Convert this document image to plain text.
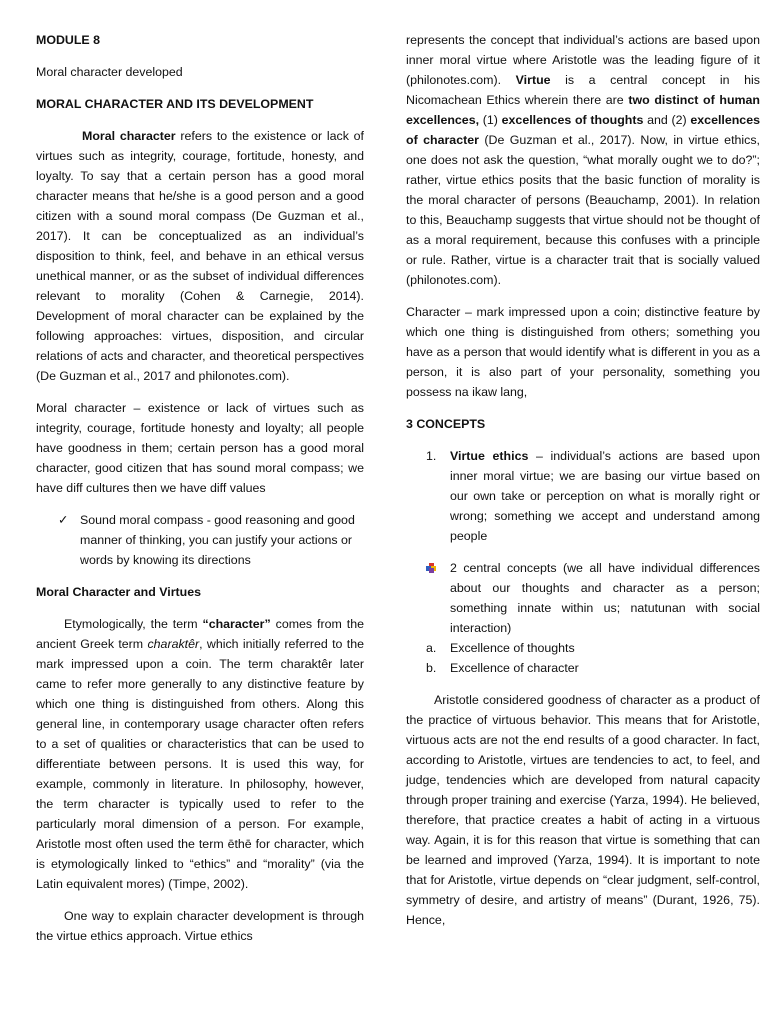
MODULE 8

Moral character developed

MORAL CHARACTER AND ITS DEVELOPMENT

Moral character refers to the existence or lack of virtues such as integrity, courage, fortitude, honesty, and loyalty. To say that a certain person has a good moral character means that he/she is a good person and a good citizen with a sound moral compass (De Guzman et al., 2017). It can be conceptualized as an individual’s disposition to think, feel, and behave in an ethical versus unethical manner, or as the subset of individual differences relevant to morality (Cohen & Carnegie, 2014). Development of moral character can be explained by the following approaches: virtues, disposition, and circular relations of acts and character, and theoretical perspectives (De Guzman et al., 2017 and philonotes.com).

Moral character – existence or lack of virtues such as integrity, courage, fortitude honesty and loyalty; all people have goodness in them; certain person has a good moral character, good citizen that has sound moral compass; we have diff cultures then we have diff values

✓ Sound moral compass - good reasoning and good manner of thinking, you can justify your actions or words by knowing its directions
Moral Character and Virtues

Etymologically, the term “character” comes from the ancient Greek term charaktêr, which initially referred to the mark impressed upon a coin. The term charaktêr later came to refer more generally to any distinctive feature by which one thing is distinguished from others. Along this general line, in contemporary usage character often refers to a set of qualities or characteristics that can be used to differentiate between persons. It is used this way, for example, commonly in literature. In philosophy, however, the term character is typically used to refer to the particularly moral dimension of a person. For example, Aristotle most often used the term ēthē for character, which is etymologically linked to “ethics” and “morality” (via the Latin equivalent mores) (Timpe, 2002).

One way to explain character development is through the virtue ethics approach. Virtue ethics

represents the concept that individual’s actions are based upon inner moral virtue where Aristotle was the leading figure of it (philonotes.com). Virtue is a central concept in his Nicomachean Ethics wherein there are two distinct of human excellences, (1) excellences of thoughts and (2) excellences of character (De Guzman et al., 2017). Now, in virtue ethics, one does not ask the question, “what morally ought we to do?”; rather, virtue ethics posits that the basic function of morality is the moral character of persons (Beauchamp, 2001). In relation to this, Beauchamp suggests that virtue should not be thought of as a moral requirement, because this confuses with a principle or rule. Rather, virtue is a character trait that is socially valued (philonotes.com).

Character – mark impressed upon a coin; distinctive feature by which one thing is distinguished from others; something you have as a person that would identify what is different in you as a person, it is also part of your personality, something you possess na ikaw lang,

3 CONCEPTS
1. Virtue ethics – individual’s actions are based upon inner moral virtue; we are basing our virtue based on our own take or perception on what is morally right or wrong; something we accept and understand among people
2 central concepts (we all have individual differences about our thoughts and character as a person; something innate within us; natutunan with social interaction)
a. Excellence of thoughts
b. Excellence of character

Aristotle considered goodness of character as a product of the practice of virtuous behavior. This means that for Aristotle, virtuous acts are not the end results of a good character. In fact, according to Aristotle, virtues are tendencies to act, to feel, and judge, tendencies which are developed from natural capacity through proper training and exercise (Yarza, 1994). He believed, therefore, that practice creates a habit of acting in a virtuous way. Again, it is for this reason that virtue is something that can be learned and improved (Yarza, 1994). It is important to note that for Aristotle, virtue depends on “clear judgment, self-control, symmetry of desire, and artistry of means” (Durant, 1926, 75). Hence,
